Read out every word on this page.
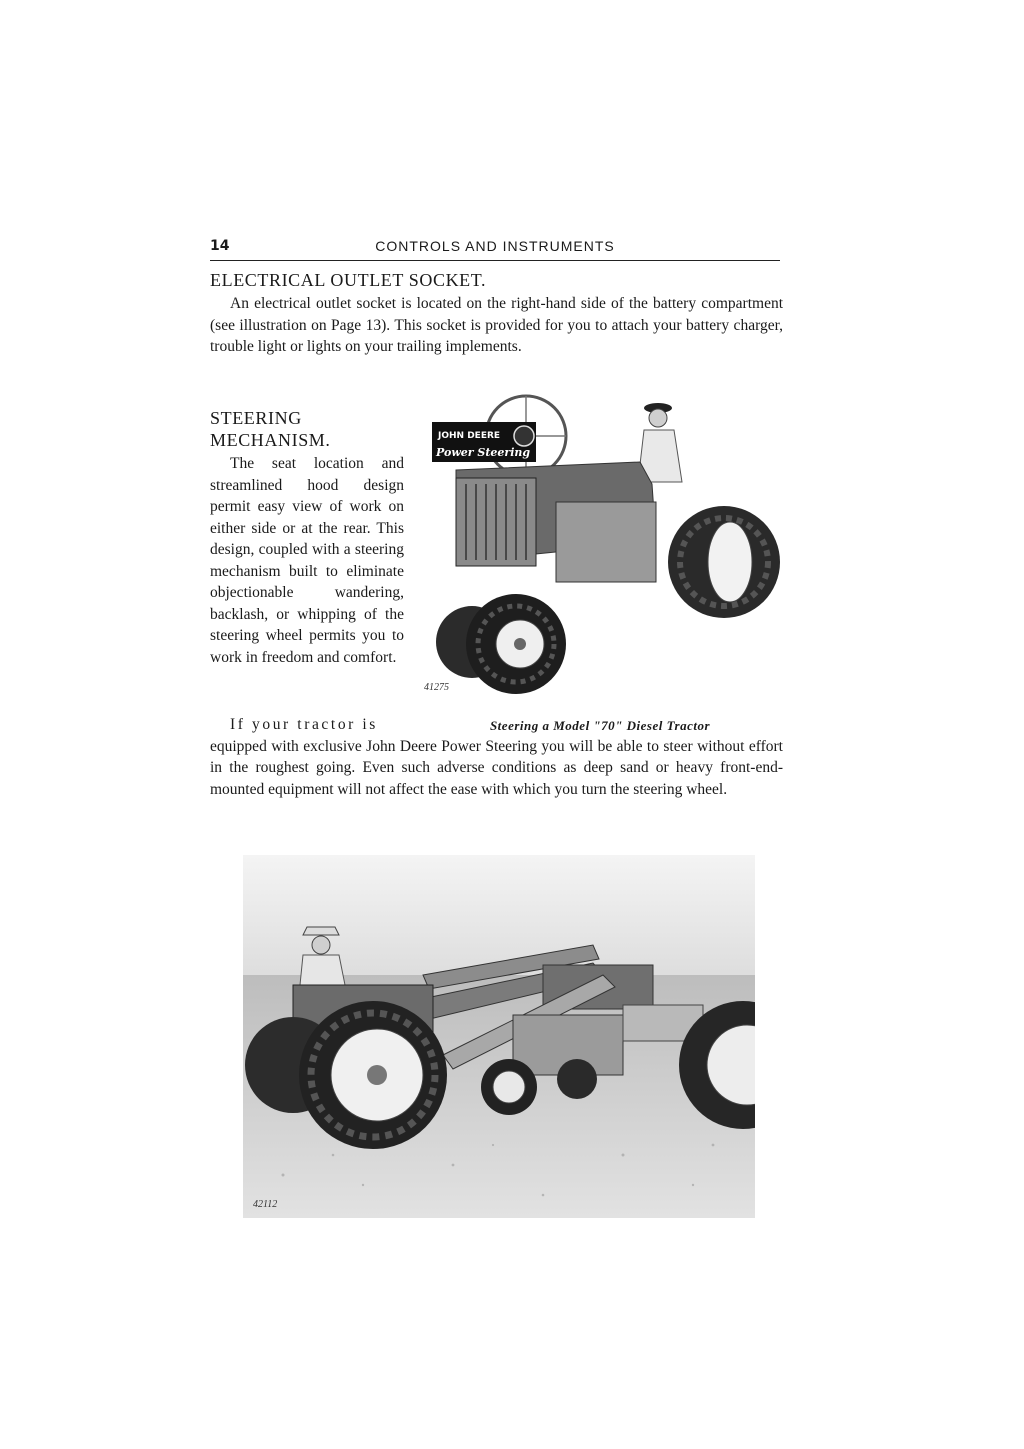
14	CONTROLS AND INSTRUMENTS
ELECTRICAL OUTLET SOCKET.

An electrical outlet socket is located on the right-hand side of the battery compartment (see illustration on Page 13). This socket is provided for you to attach your battery charger, trouble light or lights on your trailing implements.

STEERING MECHANISM.

The seat location and streamlined hood design permit easy view of work on either side or at the rear. This design, coupled with a steering mechanism built to eliminate objectionable wandering, backlash, or whipping of the steering wheel permits you to work in freedom and comfort.

JOHN DEERE
Power Steering
41275
Steering a Model "70" Diesel Tractor

If your tractor is
equipped with exclusive John Deere Power Steering you will be able to steer without effort in the roughest going. Even such adverse conditions as deep sand or heavy front-end-mounted equipment will not affect the ease with which you turn the steering wheel.

42112
